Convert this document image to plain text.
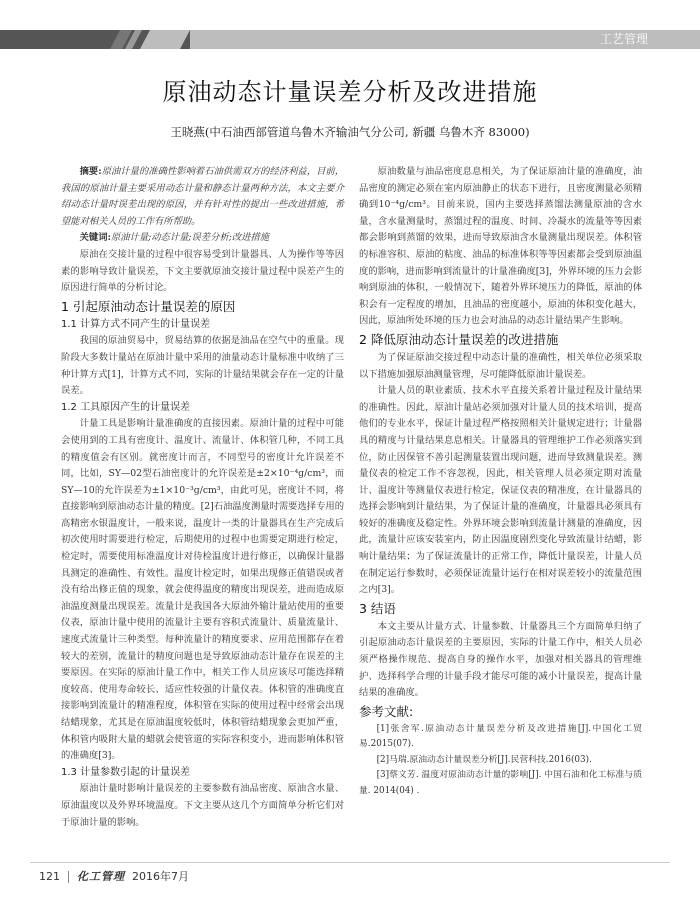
工艺管理
原油动态计量误差分析及改进措施
王晓燕(中石油西部管道乌鲁木齐输油气分公司, 新疆 乌鲁木齐 83000)

摘要:原油计量的准确性影响着石油供需双方的经济利益，目前，我国的原油计量主要采用动态计量和静态计量两种方法，本文主要介绍动态计量时误差出现的原因，并有针对性的提出一些改进措施，希望能对相关人员的工作有所帮助。

关键词:原油计量;动态计量;误差分析;改进措施

原油在交接计量的过程中很容易受到计量器具、人为操作等等因素的影响导致计量误差，下文主要就原油交接计量过程中误差产生的原因进行简单的分析讨论。

1 引起原油动态计量误差的原因
1.1 计算方式不同产生的计量误差

我国的原油贸易中，贸易结算的依据是油品在空气中的重量。现阶段大多数计量站在原油计量中采用的油量动态计量标准中收纳了三种计算方式[1]，计算方式不同，实际的计量结果就会存在一定的计量误差。

1.2 工具原因产生的计量误差

计量工具是影响计量准确度的直接因素。原油计量的过程中可能会使用到的工具有密度计、温度计、流量计、体积管几种，不同工具的精度值会有区别。就密度计而言，不同型号的密度计允许误差不同，比如，SY—02型石油密度计的允许误差是±2×10⁻⁴g/cm³，而SY—10的允许误差为±1×10⁻³g/cm³，由此可见，密度计不同，将直接影响到原油动态计量的精度。[2]石油温度测量时需要选择专用的高精密水银温度计，一般来说，温度计一类的计量器具在生产完成后初次使用时需要进行检定，后期使用的过程中也需要定期进行检定，检定时，需要使用标准温度计对待检温度计进行修正，以确保计量器具测定的准确性、有效性。温度计检定时，如果出现修正值错误或者没有给出修正值的现象，就会使得温度的精度出现误差，进而造成原油温度测量出现误差。流量计是我国各大原油外输计量站使用的重要仪表，原油计量中使用的流量计主要有容积式流量计、质量流量计、速度式流量计三种类型。每种流量计的精度要求、应用范围都存在着较大的差别，流量计的精度问题也是导致原油动态计量存在误差的主要原因。在实际的原油计量工作中，相关工作人员应该尽可能选择精度较高、使用寿命较长、适应性较强的计量仪表。体积管的准确度直接影响到流量计的精准程度，体积管在实际的使用过程中经常会出现结蜡现象，尤其是在原油温度较低时，体积管结蜡现象会更加严重，体积管内吸附大量的蜡就会使管道的实际容积变小，进而影响体积管的准确度[3]。

1.3 计量参数引起的计量误差

原油计量时影响计量误差的主要参数有油品密度、原油含水量、原油温度以及外界环境温度。下文主要从这几个方面简单分析它们对于原油计量的影响。

原油数量与油品密度息息相关，为了保证原油计量的准确度，油品密度的测定必须在室内原油静止的状态下进行，且密度测量必须精确到10⁻⁴g/cm³。目前来说，国内主要选择蒸馏法测量原油的含水量，含水量测量时，蒸馏过程的温度、时间、冷凝水的流量等等因素都会影响到蒸馏的效果，进而导致原油含水量测量出现误差。体积管的标准容积、原油的粘度、油品的标准体积等等因素都会受到原油温度的影响，进而影响到流量计的计量准确度[3]，外界环境的压力会影响到原油的体积，一般情况下，随着外界环境压力的降低，原油的体积会有一定程度的增加，且油品的密度越小，原油的体积变化越大，因此，原油所处环境的压力也会对油品的动态计量结果产生影响。

2 降低原油动态计量误差的改进措施

为了保证原油交接过程中动态计量的准确性，相关单位必须采取以下措施加强原油测量管理，尽可能降低原油计量误差。

计量人员的职业素质、技术水平直接关系着计量过程及计量结果的准确性。因此，原油计量站必须加强对计量人员的技术培训，提高他们的专业水平，保证计量过程严格按照相关计量规定进行；计量器具的精度与计量结果息息相关。计量器具的管理维护工作必须落实到位，防止因保管不善引起测量装置出现问题，进而导致测量误差。测量仪表的检定工作不容忽视，因此，相关管理人员必须定期对流量计、温度计等测量仪表进行检定，保证仪表的精准度，在计量器具的选择会影响到计量结果，为了保证计量的准确度，计量器具必须具有较好的准确度及稳定性。外界环境会影响到流量计测量的准确度，因此，流量计应该安装室内，防止因温度剧烈变化导致流量计结蜡，影响计量结果；为了保证流量计的正常工作，降低计量误差，计量人员在制定运行参数时，必须保证流量计运行在相对误差较小的流量范围之内[3]。

3 结语

本文主要从计量方式、计量参数、计量器具三个方面简单归纳了引起原油动态计量误差的主要原因，实际的计量工作中，相关人员必须严格操作规范、提高自身的操作水平，加强对相关器具的管理维护、选择科学合理的计量手段才能尽可能的减小计量误差，提高计量结果的准确度。

参考文献:

[1]张舍军.原油动态计量误差分析及改进措施[J].中国化工贸易.2015(07).

[2]马瑞.原油动态计量误差分析[J].民营科技.2016(03).

[3]蔡文芳. 温度对原油动态计量的影响[J]. 中国石油和化工标准与质量. 2014(04) .

121 化工管理 2016年7月
